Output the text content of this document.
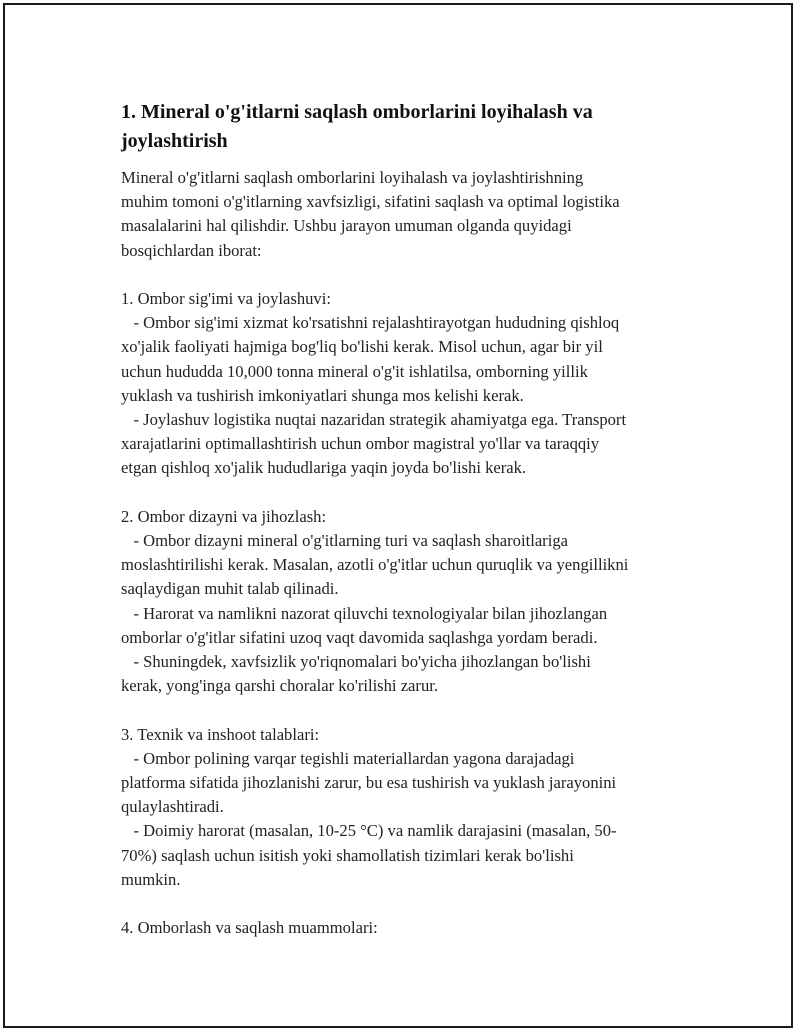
1. Mineral o'g'itlarni saqlash omborlarini loyihalash va
joylashtirish
Mineral o'g'itlarni saqlash omborlarini loyihalash va joylashtirishning
muhim tomoni o'g'itlarning xavfsizligi, sifatini saqlash va optimal logistika
masalalarini hal qilishdir. Ushbu jarayon umuman olganda quyidagi
bosqichlardan iborat:
1. Ombor sig'imi va joylashuvi:
- Ombor sig'imi xizmat ko'rsatishni rejalashtirayotgan hududning qishloq
xo'jalik faoliyati hajmiga bog'liq bo'lishi kerak. Misol uchun, agar bir yil
uchun hududda 10,000 tonna mineral o'g'it ishlatilsa, omborning yillik
yuklash va tushirish imkoniyatlari shunga mos kelishi kerak.
- Joylashuv logistika nuqtai nazaridan strategik ahamiyatga ega. Transport
xarajatlarini optimallashtirish uchun ombor magistral yo'llar va taraqqiy
etgan qishloq xo'jalik hududlariga yaqin joyda bo'lishi kerak.
2. Ombor dizayni va jihozlash:
- Ombor dizayni mineral o'g'itlarning turi va saqlash sharoitlariga
moslashtirilishi kerak. Masalan, azotli o'g'itlar uchun quruqlik va yengillikni
saqlaydigan muhit talab qilinadi.
- Harorat va namlikni nazorat qiluvchi texnologiyalar bilan jihozlangan
omborlar o'g'itlar sifatini uzoq vaqt davomida saqlashga yordam beradi.
- Shuningdek, xavfsizlik yo'riqnomalari bo'yicha jihozlangan bo'lishi
kerak, yong'inga qarshi choralar ko'rilishi zarur.
3. Texnik va inshoot talablari:
- Ombor polining varqar tegishli materiallardan yagona darajadagi
platforma sifatida jihozlanishi zarur, bu esa tushirish va yuklash jarayonini
qulaylashtiradi.
- Doimiy harorat (masalan, 10-25 °C) va namlik darajasini (masalan, 50-
70%) saqlash uchun isitish yoki shamollatish tizimlari kerak bo'lishi
mumkin.
4. Omborlash va saqlash muammolari:
